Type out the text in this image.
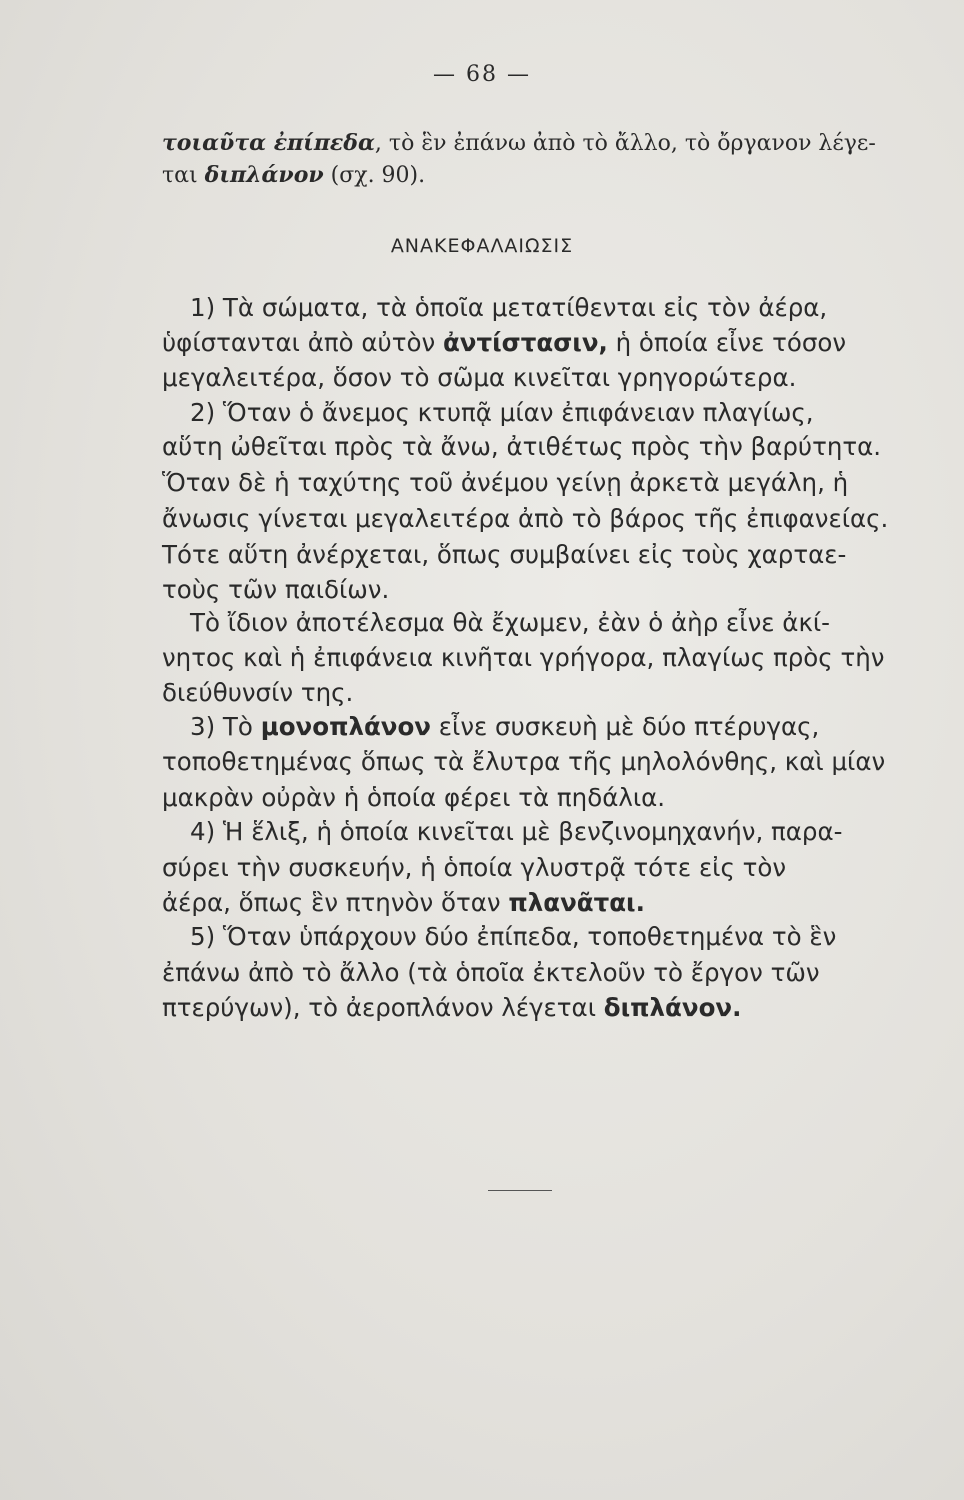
— 68 —
τοιαῦτα ἐπίπεδα, τὸ ἓν ἐπάνω ἀπὸ τὸ ἄλλο, τὸ ὄργανον λέγε-
ται διπλάνον (σχ. 90).
ΑΝΑΚΕΦΑΛΑΙΩΣΙΣ
1) Τὰ σώματα, τὰ ὁποῖα μετατίθενται εἰς τὸν ἀέρα,
ὑφίστανται ἀπὸ αὐτὸν ἀντίστασιν, ἡ ὁποία εἶνε τόσον
μεγαλειτέρα, ὅσον τὸ σῶμα κινεῖται γρηγορώτερα.
2) Ὅταν ὁ ἄνεμος κτυπᾷ μίαν ἐπιφάνειαν πλαγίως,
αὕτη ὠθεῖται πρὸς τὰ ἄνω, ἀτιθέτως πρὸς τὴν βαρύτητα.
Ὅταν δὲ ἡ ταχύτης τοῦ ἀνέμου γείνῃ ἀρκετὰ μεγάλη, ἡ
ἄνωσις γίνεται μεγαλειτέρα ἀπὸ τὸ βάρος τῆς ἐπιφανείας.
Τότε αὕτη ἀνέρχεται, ὅπως συμβαίνει εἰς τοὺς χαρταε-
τοὺς τῶν παιδίων.
Τὸ ἴδιον ἀποτέλεσμα θὰ ἔχωμεν, ἐὰν ὁ ἀὴρ εἶνε ἀκί-
νητος καὶ ἡ ἐπιφάνεια κινῆται γρήγορα, πλαγίως πρὸς τὴν
διεύθυνσίν της.
3) Τὸ μονοπλάνον εἶνε συσκευὴ μὲ δύο πτέρυγας,
τοποθετημένας ὅπως τὰ ἔλυτρα τῆς μηλολόνθης, καὶ μίαν
μακρὰν οὐρὰν ἡ ὁποία φέρει τὰ πηδάλια.
4) Ἡ ἕλιξ, ἡ ὁποία κινεῖται μὲ βενζινομηχανήν, παρα-
σύρει τὴν συσκευήν, ἡ ὁποία γλυστρᾷ τότε εἰς τὸν
ἀέρα, ὅπως ἓν πτηνὸν ὅταν πλανᾶται.
5) Ὅταν ὑπάρχουν δύο ἐπίπεδα, τοποθετημένα τὸ ἓν
ἐπάνω ἀπὸ τὸ ἄλλο (τὰ ὁποῖα ἐκτελοῦν τὸ ἔργον τῶν
πτερύγων), τὸ ἀεροπλάνον λέγεται διπλάνον.
